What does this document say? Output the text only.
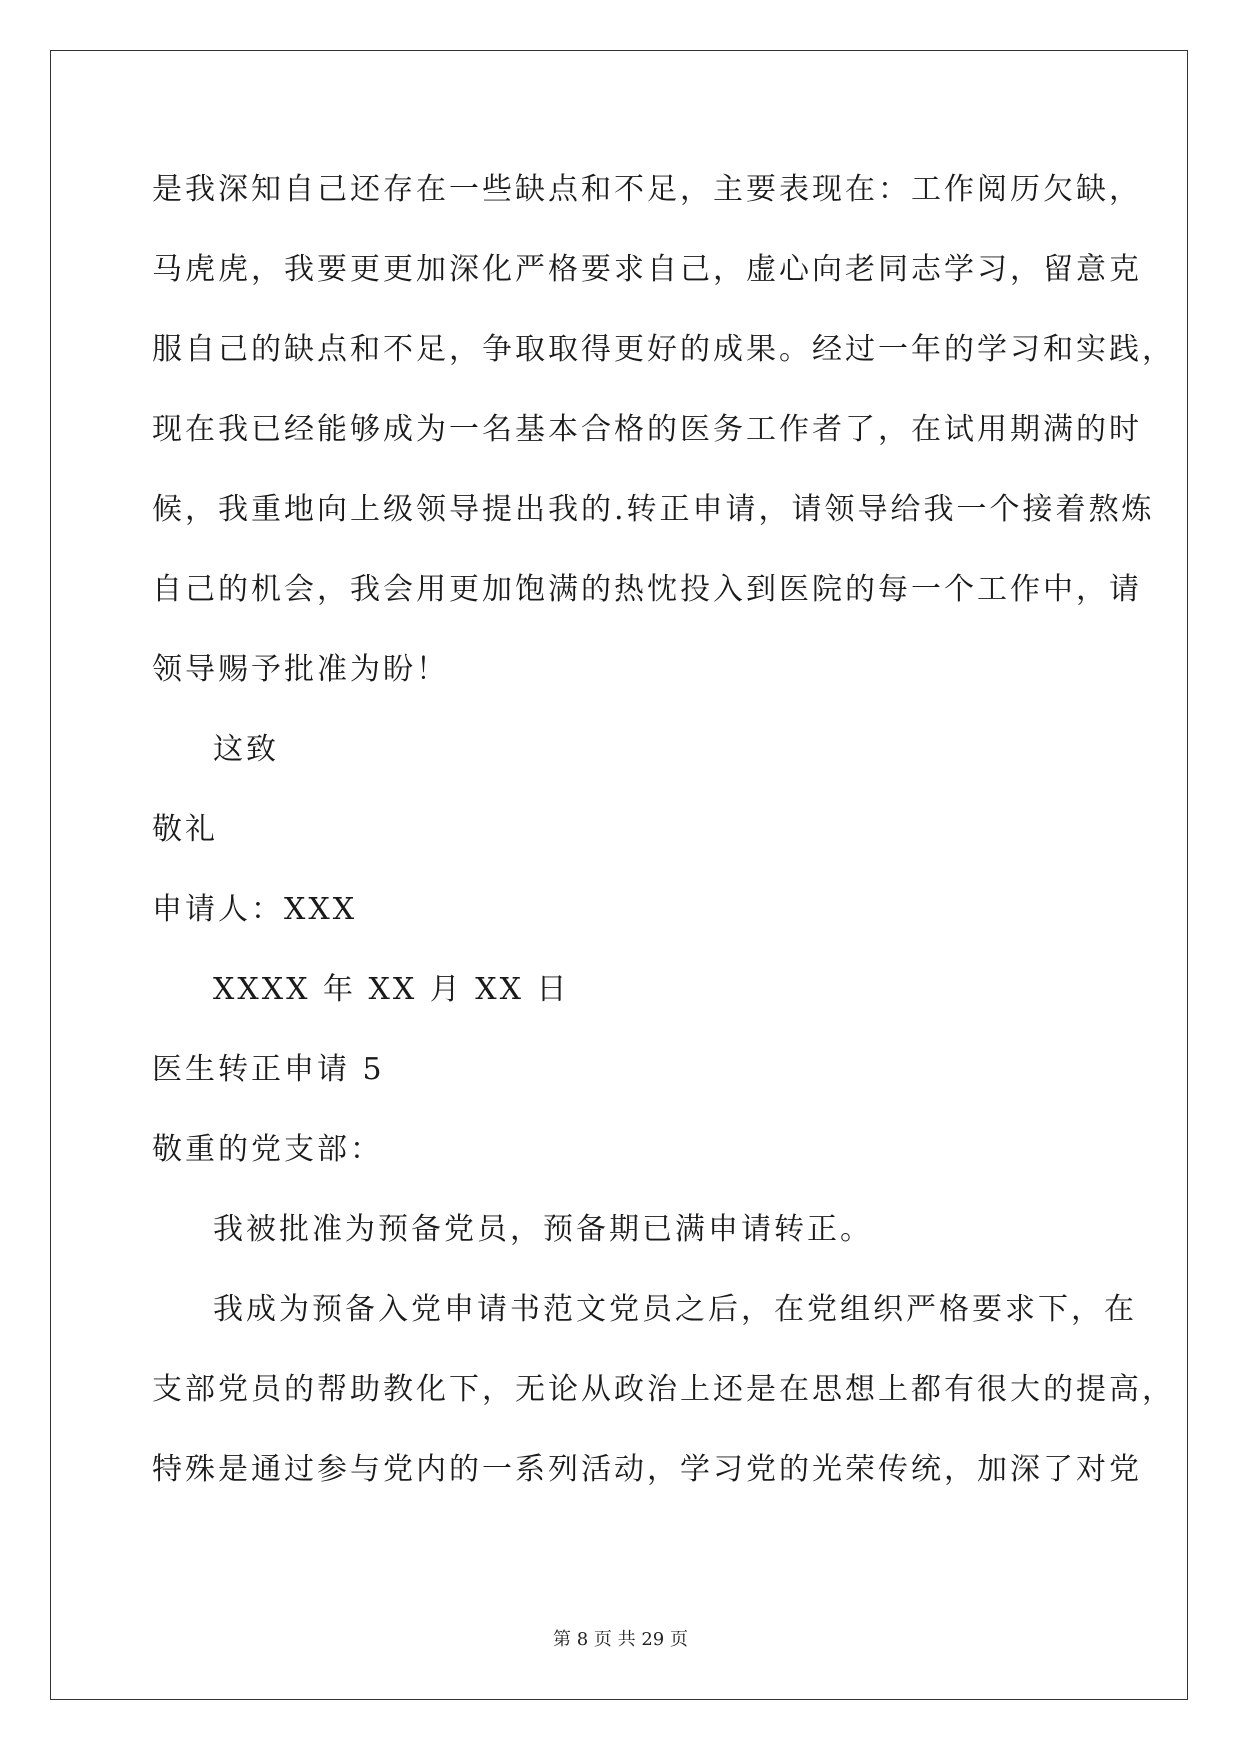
是我深知自己还存在一些缺点和不足，主要表现在：工作阅历欠缺，
马虎虎，我要更更加深化严格要求自己，虚心向老同志学习，留意克
服自己的缺点和不足，争取取得更好的成果。经过一年的学习和实践，
现在我已经能够成为一名基本合格的医务工作者了，在试用期满的时
候，我重地向上级领导提出我的.转正申请，请领导给我一个接着熬炼
自己的机会，我会用更加饱满的热忱投入到医院的每一个工作中，请
领导赐予批准为盼！
这致
敬礼
申请人：XXX
XXXX 年 XX 月 XX 日
医生转正申请 5
敬重的党支部：
我被批准为预备党员，预备期已满申请转正。
我成为预备入党申请书范文党员之后，在党组织严格要求下，在
支部党员的帮助教化下，无论从政治上还是在思想上都有很大的提高，
特殊是通过参与党内的一系列活动，学习党的光荣传统，加深了对党
第 8 页 共 29 页
